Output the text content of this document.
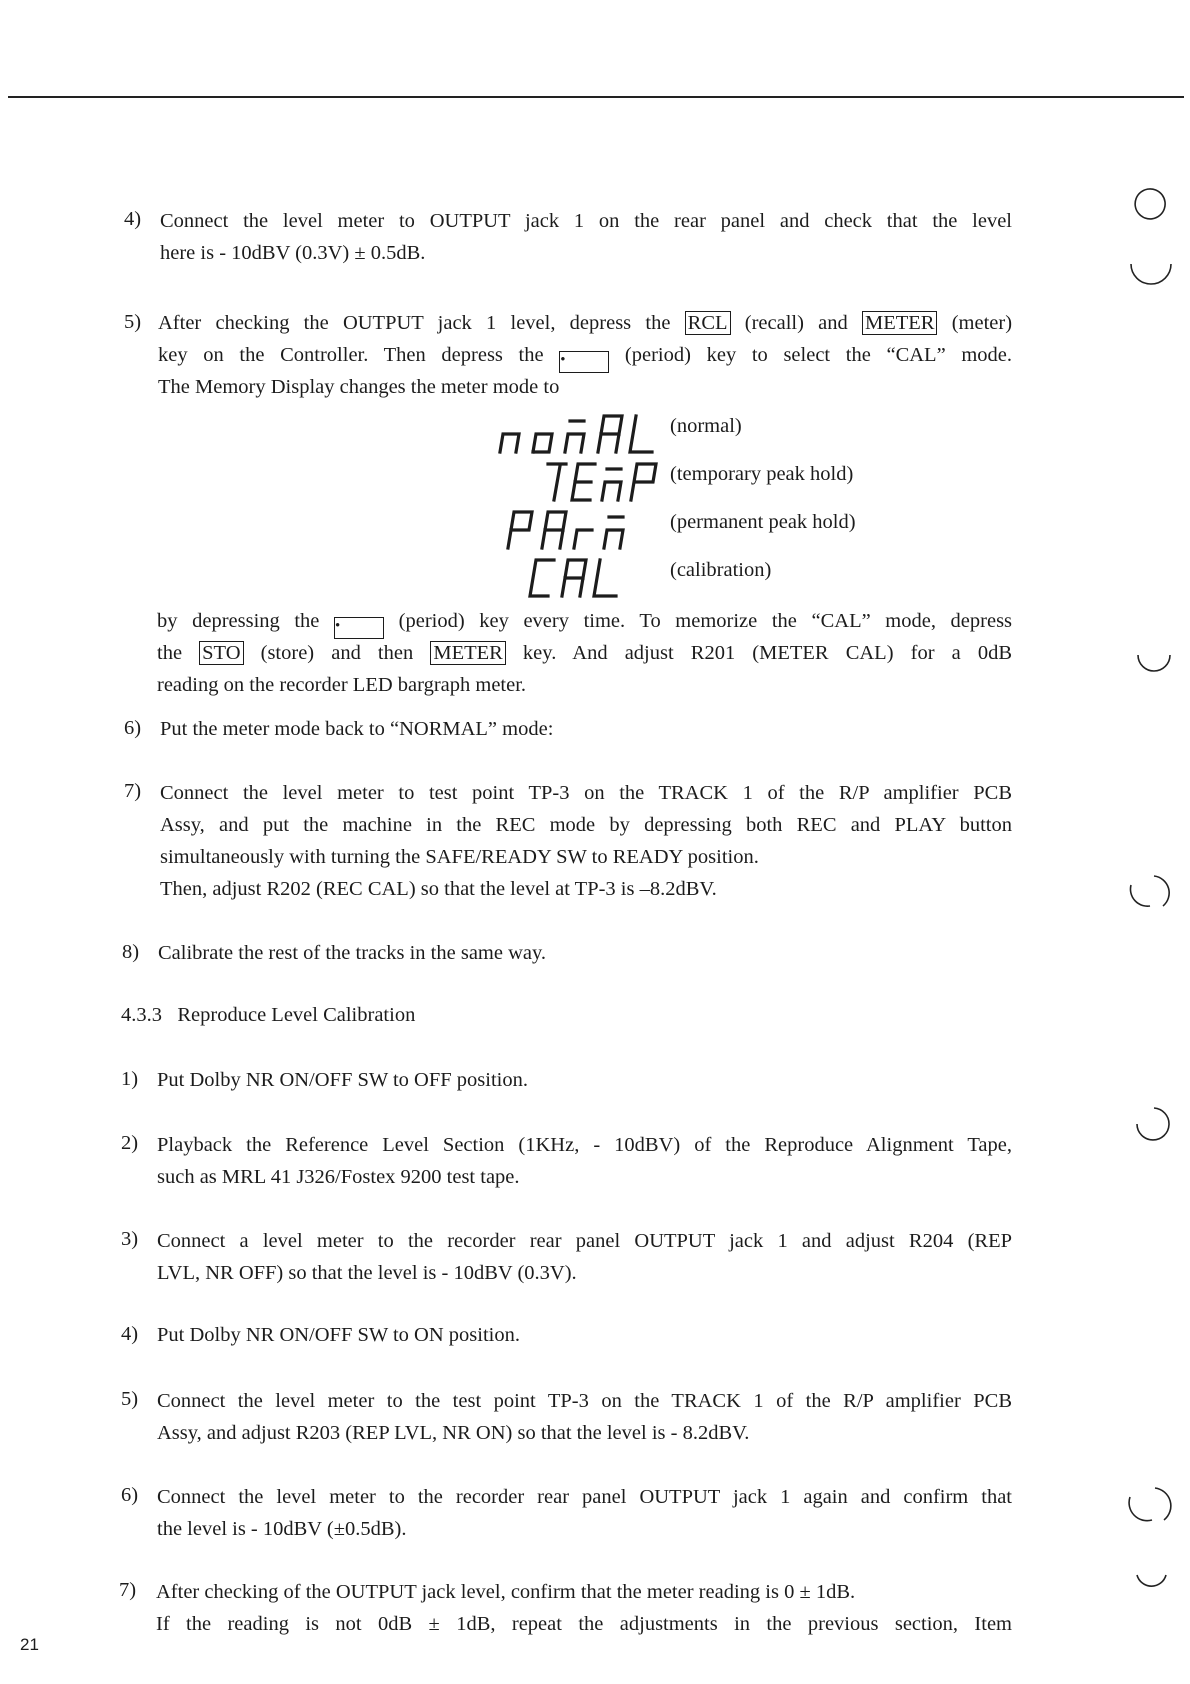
4) Connect the level meter to OUTPUT jack 1 on the rear panel and check that the level
here is - 10dBV (0.3V) ± 0.5dB.
5) After checking the OUTPUT jack 1 level, depress the RCL (recall) and METER (meter)
key on the Controller. Then depress the •	(period) key to select the “CAL” mode.
The Memory Display changes the meter mode to
(normal)
(temporary peak hold)
(permanent peak hold)
(calibration)
by depressing the •	(period) key every time. To memorize the “CAL” mode, depress
the STO (store) and then METER key. And adjust R201 (METER CAL) for a 0dB
reading on the recorder LED bargraph meter.
6) Put the meter mode back to “NORMAL” mode:
7) Connect the level meter to test point TP-3 on the TRACK 1 of the R/P amplifier PCB
Assy, and put the machine in the REC mode by depressing both REC and PLAY button
simultaneously with turning the SAFE/READY SW to READY position.
Then, adjust R202 (REC CAL) so that the level at TP-3 is –8.2dBV.
8) Calibrate the rest of the tracks in the same way.
4.3.3   Reproduce Level Calibration
1) Put Dolby NR ON/OFF SW to OFF position.
2) Playback the Reference Level Section (1KHz, - 10dBV) of the Reproduce Alignment Tape,
such as MRL 41 J326/Fostex 9200 test tape.
3) Connect a level meter to the recorder rear panel OUTPUT jack 1 and adjust R204 (REP
LVL, NR OFF) so that the level is - 10dBV (0.3V).
4) Put Dolby NR ON/OFF SW to ON position.
5) Connect the level meter to the test point TP-3 on the TRACK 1 of the R/P amplifier PCB
Assy, and adjust R203 (REP LVL, NR ON) so that the level is - 8.2dBV.
6) Connect the level meter to the recorder rear panel OUTPUT jack 1 again and confirm that
the level is - 10dBV (±0.5dB).
7) After checking of the OUTPUT jack level, confirm that the meter reading is 0 ± 1dB.
If the reading is not 0dB ± 1dB, repeat the adjustments in the previous section, Item
21
